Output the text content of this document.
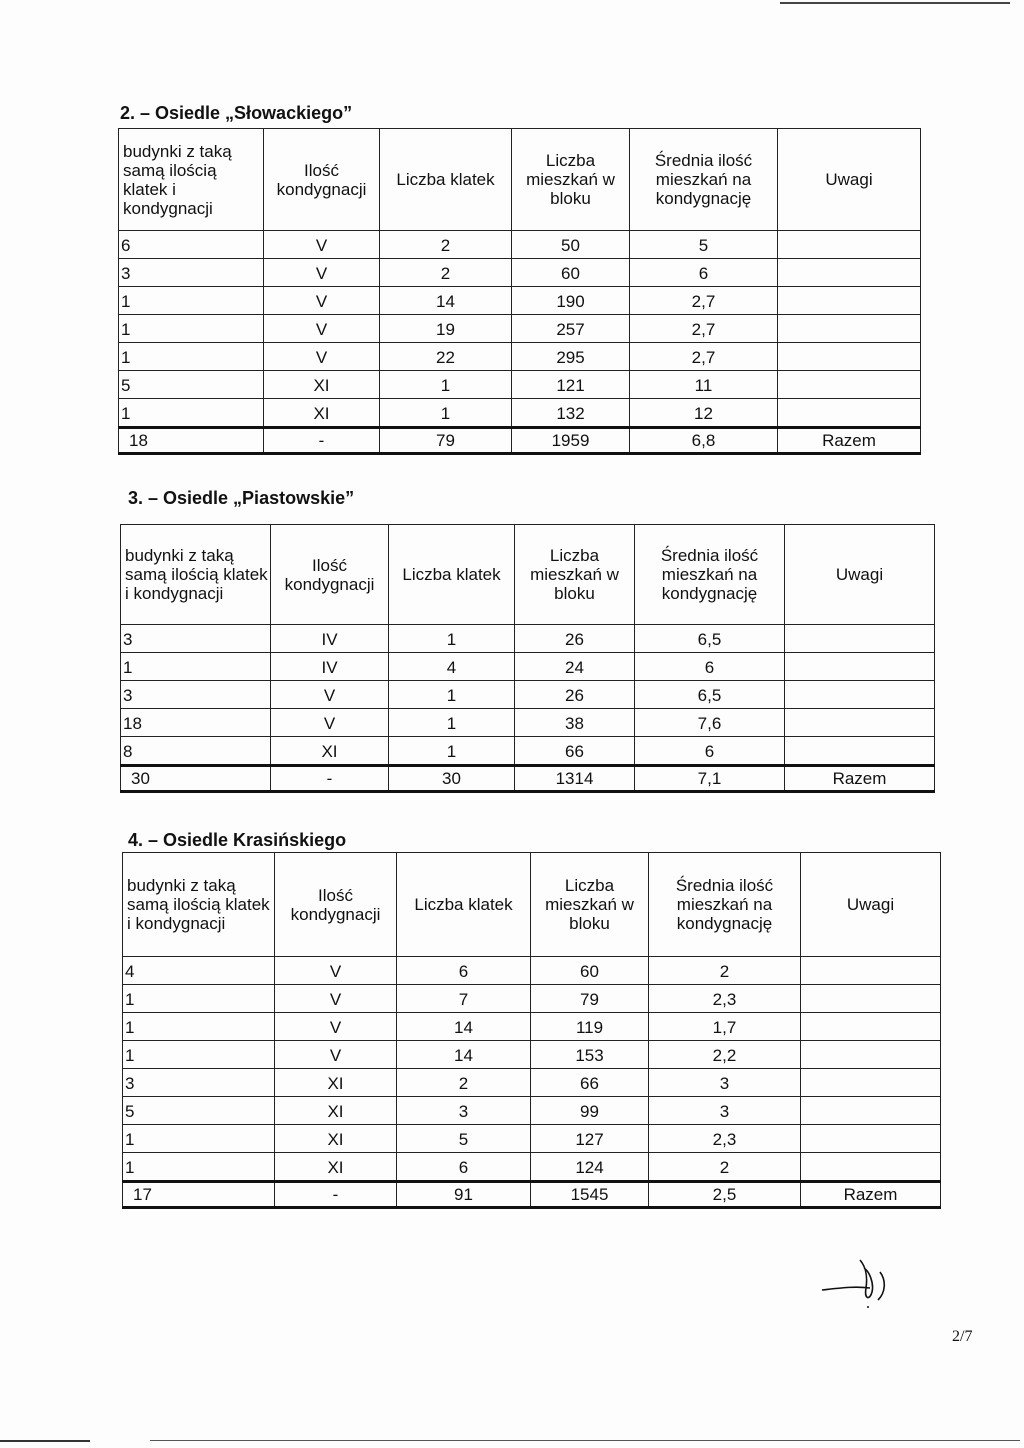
2. – Osiedle „Słowackiego”
budynki z taką samą ilością klatek i kondygnacji	Ilość kondygnacji	Liczba klatek	Liczba mieszkań w bloku	Średnia ilość mieszkań na kondygnację	Uwagi
6	V	2	50	5	
3	V	2	60	6	
1	V	14	190	2,7	
1	V	19	257	2,7	
1	V	22	295	2,7	
5	XI	1	121	11	
1	XI	1	132	12	
18	-	79	1959	6,8	Razem
3. – Osiedle „Piastowskie”
budynki z taką samą ilością klatek i kondygnacji	Ilość kondygnacji	Liczba klatek	Liczba mieszkań w bloku	Średnia ilość mieszkań na kondygnację	Uwagi
3	IV	1	26	6,5	
1	IV	4	24	6	
3	V	1	26	6,5	
18	V	1	38	7,6	
8	XI	1	66	6	
30	-	30	1314	7,1	Razem
4. – Osiedle Krasińskiego
budynki z taką samą ilością klatek i kondygnacji	Ilość kondygnacji	Liczba klatek	Liczba mieszkań w bloku	Średnia ilość mieszkań na kondygnację	Uwagi
4	V	6	60	2	
1	V	7	79	2,3	
1	V	14	119	1,7	
1	V	14	153	2,2	
3	XI	2	66	3	
5	XI	3	99	3	
1	XI	5	127	2,3	
1	XI	6	124	2	
17	-	91	1545	2,5	Razem
2/7
